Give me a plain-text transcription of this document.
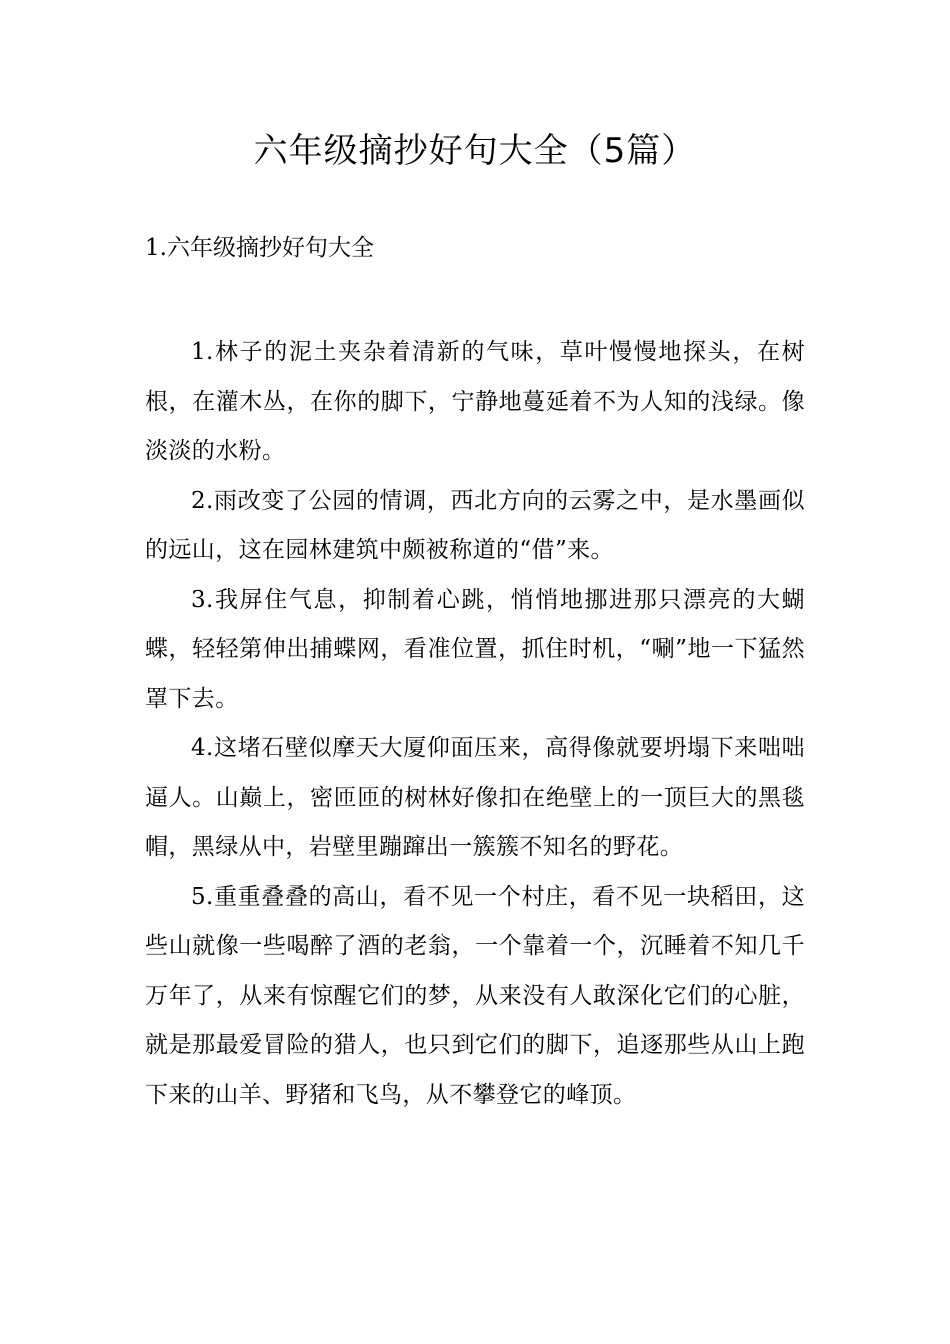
六年级摘抄好句大全（5篇）
1.六年级摘抄好句大全

1.林子的泥土夹杂着清新的气味，草叶慢慢地探头，在树根，在灌木丛，在你的脚下，宁静地蔓延着不为人知的浅绿。像淡淡的水粉。

2.雨改变了公园的情调，西北方向的云雾之中，是水墨画似的远山，这在园林建筑中颇被称道的“借”来。

3.我屏住气息，抑制着心跳，悄悄地挪进那只漂亮的大蝴蝶，轻轻第伸出捕蝶网，看准位置，抓住时机，“唰”地一下猛然罩下去。

4.这堵石壁似摩天大厦仰面压来，高得像就要坍塌下来咄咄逼人。山巅上，密匝匝的树林好像扣在绝壁上的一顶巨大的黑毯帽，黑绿从中，岩壁里蹦蹿出一簇簇不知名的野花。

5.重重叠叠的高山，看不见一个村庄，看不见一块稻田，这些山就像一些喝醉了酒的老翁，一个靠着一个，沉睡着不知几千万年了，从来有惊醒它们的梦，从来没有人敢深化它们的心脏，就是那最爱冒险的猎人，也只到它们的脚下，追逐那些从山上跑下来的山羊、野猪和飞鸟，从不攀登它的峰顶。
